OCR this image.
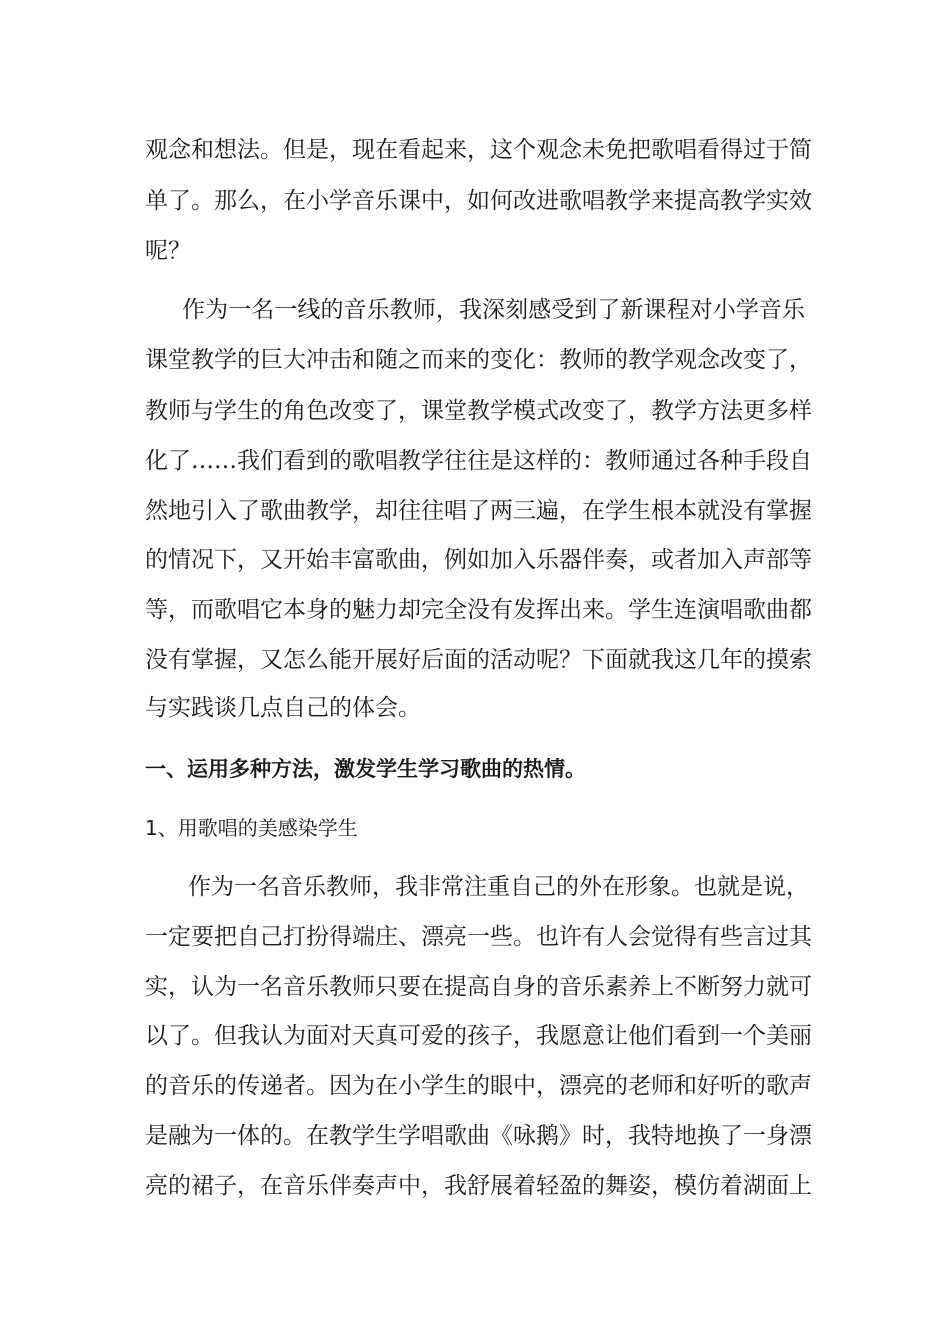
观念和想法。但是，现在看起来，这个观念未免把歌唱看得过于简
单了。那么，在小学音乐课中，如何改进歌唱教学来提高教学实效
呢？
作为一名一线的音乐教师，我深刻感受到了新课程对小学音乐
课堂教学的巨大冲击和随之而来的变化：教师的教学观念改变了，
教师与学生的角色改变了，课堂教学模式改变了，教学方法更多样
化了……我们看到的歌唱教学往往是这样的：教师通过各种手段自
然地引入了歌曲教学，却往往唱了两三遍，在学生根本就没有掌握
的情况下，又开始丰富歌曲，例如加入乐器伴奏，或者加入声部等
等，而歌唱它本身的魅力却完全没有发挥出来。学生连演唱歌曲都
没有掌握，又怎么能开展好后面的活动呢？下面就我这几年的摸索
与实践谈几点自己的体会。
一、运用多种方法，激发学生学习歌曲的热情。
1、用歌唱的美感染学生
作为一名音乐教师，我非常注重自己的外在形象。也就是说，
一定要把自己打扮得端庄、漂亮一些。也许有人会觉得有些言过其
实，认为一名音乐教师只要在提高自身的音乐素养上不断努力就可
以了。但我认为面对天真可爱的孩子，我愿意让他们看到一个美丽
的音乐的传递者。因为在小学生的眼中，漂亮的老师和好听的歌声
是融为一体的。在教学生学唱歌曲《咏鹅》时，我特地换了一身漂
亮的裙子，在音乐伴奏声中，我舒展着轻盈的舞姿，模仿着湖面上
